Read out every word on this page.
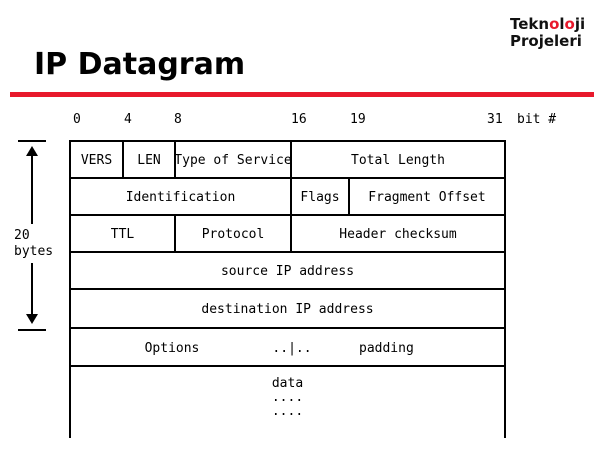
IP Datagram
Teknoloji
Projeleri
0	4	8	16	19	31 bit #
20
bytes
VERS	LEN	Type of Service	Total Length
Identification	Flags	Fragment Offset
TTL	Protocol	Header checksum
source IP address
destination IP address
Options	..|..	padding
data
....
....
